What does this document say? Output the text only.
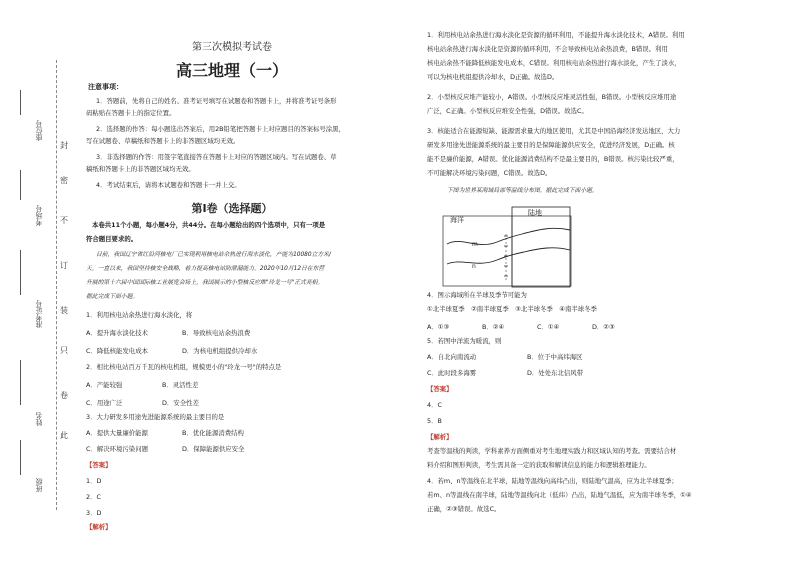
封
密
不
订
装
只
卷
此
座位号
考场号
准考证号
姓名
班级
第三次模拟考试卷
高三地理（一）
注意事项：
1．答题前，先将自己的姓名、准考证号填写在试题卷和答题卡上，并将准考证号条形
码粘贴在答题卡上的指定位置。
2．选择题的作答：每小题选出答案后，用2B铅笔把答题卡上对应题目的答案标号涂黑，
写在试题卷、草稿纸和答题卡上的非答题区域均无效。
3．非选择题的作答：用签字笔直接答在答题卡上对应的答题区域内。写在试题卷、草
稿纸和答题卡上的非答题区域均无效。
4．考试结束后，请将本试题卷和答题卡一并上交。
第Ⅰ卷（选择题）
本卷共11个小题，每小题4分，共44分。在每小题给出的四个选项中，只有一项是
符合题目要求的。
目前，我国辽宁省红沿河核电厂已实现利用核电站余热进行海水淡化，产能为10080立方米/
天。一直以来，我国坚持核安全战略，着力提高核电站防泄漏能力。2020年10月12日在东营
升展的第十六届中国国际核工业展览会场上，我国展示的小型核反应堆"玲龙一号"正式亮相。
据此完成下面小题。
1．利用核电站余热进行海水淡化，将
A．提升海水淡化技术	B．导致核电站余热浪费
C．降低核能发电成本	D．为核电机组提供冷却水
2．相比核电站百万千瓦的核电机组，规模更小的"玲龙一号"的特点是
A．产能较强	B．灵活性差
C．用途广泛	D．安全性差
3．大力研发多用途先进能源系统的最主要目的是
A．提供大量廉价能源	B．优化能源消费结构
C．解决环境污染问题	D．保障能源供应安全
【答案】
1．D
2．C
3．D
【解析】
1．利用核电站余热进行海水淡化是资源的循环利用，不能提升海水淡化技术，A错误。利用
核电站余热进行海水淡化是资源的循环利用，不会导致核电站余热浪费，B错误。利用
核电站余热不能降低核能发电成本，C错误。利用核电站余热进行海水淡化，产生了淡水，
可以为核电机组提供冷却水，D正确。故选D。
2．小型核反应堆产能较小，A错误。小型核反应堆灵活性强，B错误。小型核反应堆用途
广泛，C正确。小型核反应堆安全性强，D错误。故选C。
3．核能适合在能源短缺、能源需求量大的地区使用，尤其是中国沿海经济发达地区，大力
研发多用途先进能源系统的最主要目的是保障能源供应安全，促进经济发展，D正确。核
能不是廉价能源，A错误。优化能源消费结构不是最主要目的，B错误。核污染比较严重，
不可能解决环境污染问题，C错误。故选D。
下图为世界某海域局部等温线分布图。据此完成下面小题。
海洋
陆地
m
n
4．图示海域所在半球及季节可能为
①北半球夏季　②南半球夏季　③北半球冬季　④南半球冬季
A．①③	B．②④	C．①④	D．②③
5．若图中洋流为暖流，则
A．自北向南流动	B．位于中高纬海区
C．此时段多海雾	D．处处东北信风带
【答案】
4．C
5．B
【解析】
考查等温线的判读，学科素养方面侧重对考生地理实践力和区域认知的考查。需要结合材
料介绍和图形判读，考生需具备一定的获取和解读信息的能力和逻辑推理能力。
4．若m、n等温线在北半球，陆地等温线向高纬凸出，则陆地气温高，应为北半球夏季；
若m、n等温线在南半球，陆地等温线向北（低纬）凸出，陆地气温低，应为南半球冬季，①④
正确，②③错误。故选C。
